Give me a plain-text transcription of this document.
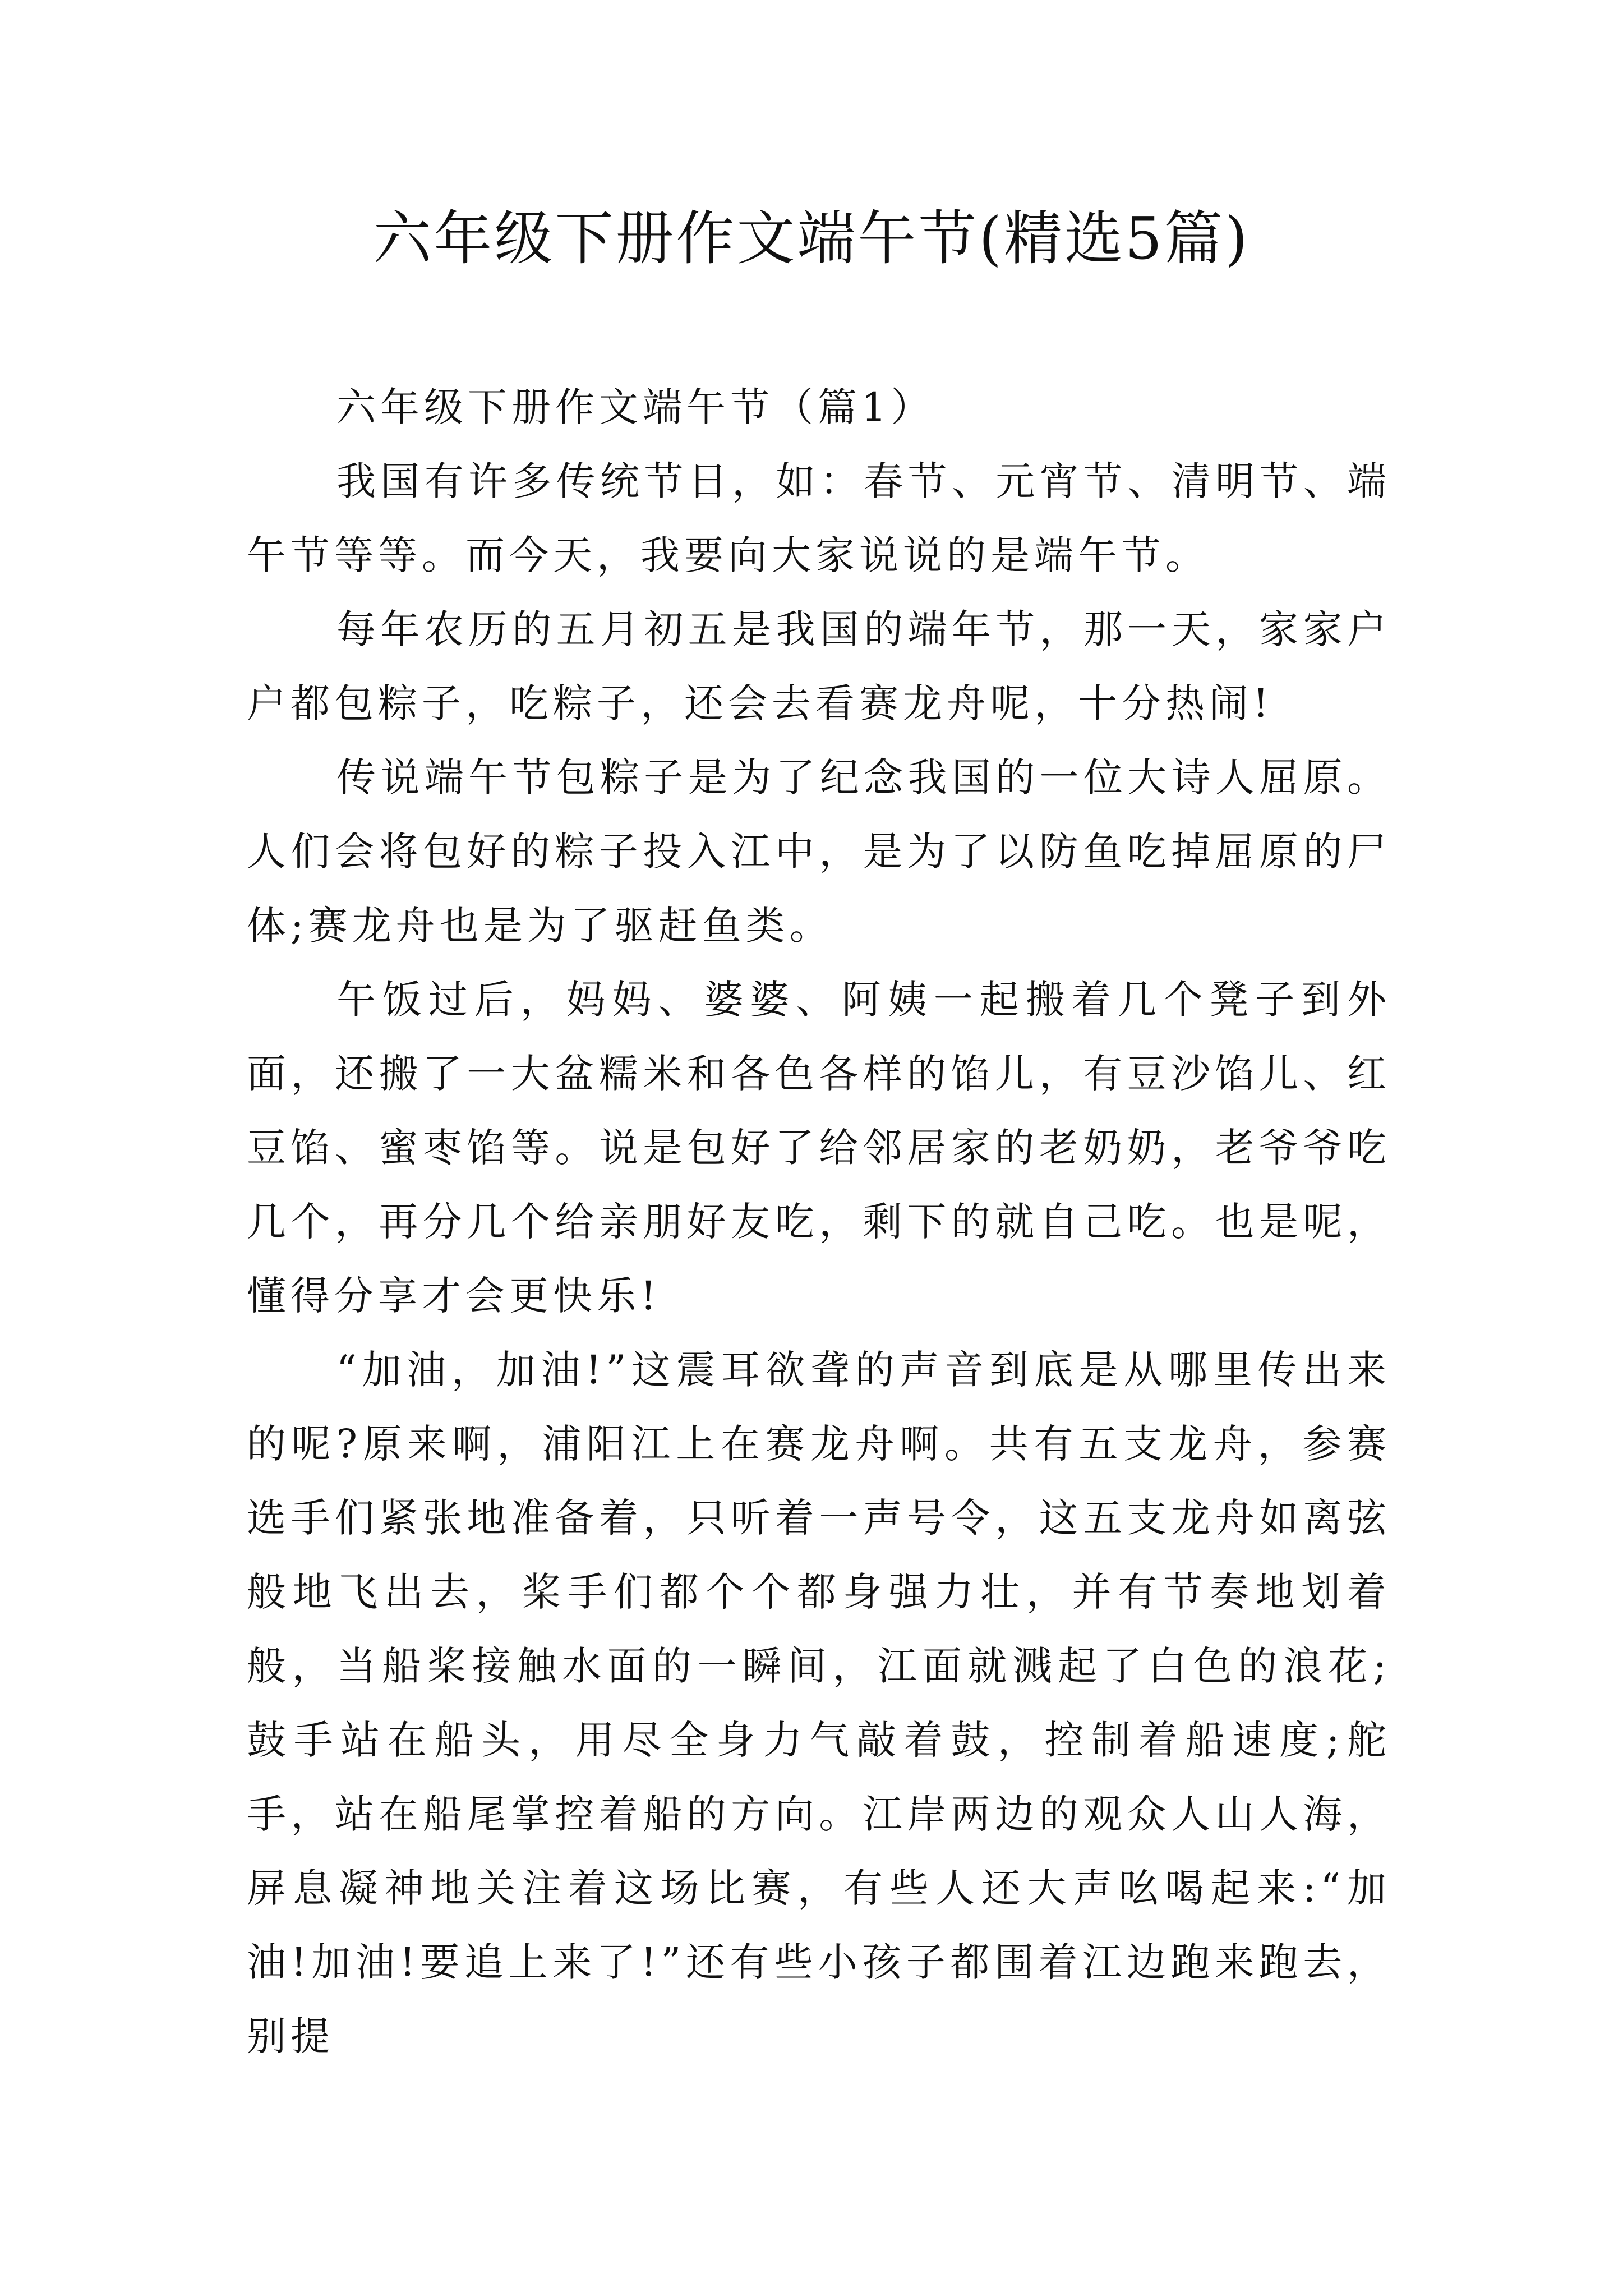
六年级下册作文端午节(精选5篇)

六年级下册作文端午节（篇1）

我国有许多传统节日，如：春节、元宵节、清明节、端午节等等。而今天，我要向大家说说的是端午节。

每年农历的五月初五是我国的端年节，那一天，家家户户都包粽子，吃粽子，还会去看赛龙舟呢，十分热闹!

传说端午节包粽子是为了纪念我国的一位大诗人屈原。人们会将包好的粽子投入江中，是为了以防鱼吃掉屈原的尸体;赛龙舟也是为了驱赶鱼类。

午饭过后，妈妈、婆婆、阿姨一起搬着几个凳子到外面，还搬了一大盆糯米和各色各样的馅儿，有豆沙馅儿、红豆馅、蜜枣馅等。说是包好了给邻居家的老奶奶，老爷爷吃几个，再分几个给亲朋好友吃，剩下的就自己吃。也是呢，懂得分享才会更快乐!

“加油，加油!”这震耳欲聋的声音到底是从哪里传出来的呢?原来啊，浦阳江上在赛龙舟啊。共有五支龙舟，参赛选手们紧张地准备着，只听着一声号令，这五支龙舟如离弦般地飞出去，桨手们都个个都身强力壮，并有节奏地划着般，当船桨接触水面的一瞬间，江面就溅起了白色的浪花;鼓手站在船头，用尽全身力气敲着鼓，控制着船速度;舵手，站在船尾掌控着船的方向。江岸两边的观众人山人海，屏息凝神地关注着这场比赛，有些人还大声吆喝起来:“加油!加油!要追上来了!”还有些小孩子都围着江边跑来跑去，别提
